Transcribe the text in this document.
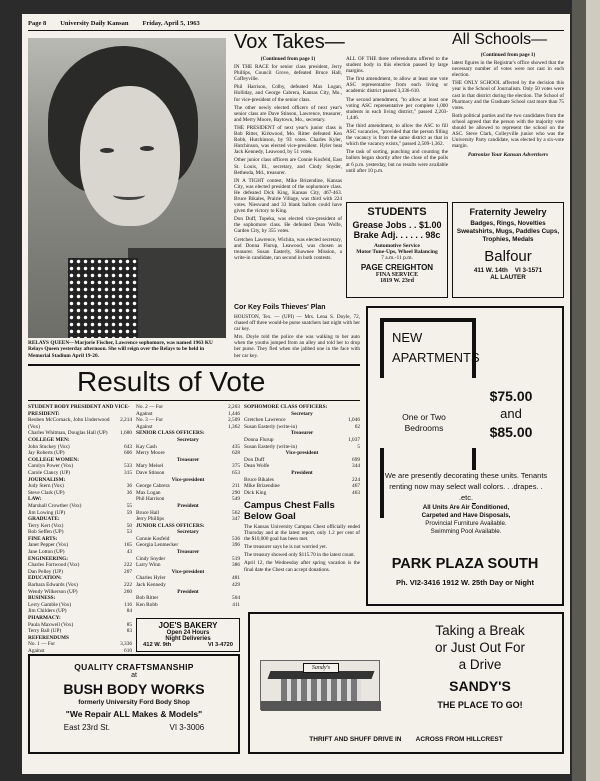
Page 8 University Daily Kansan Friday, April 5, 1963
RELAYS QUEEN—Marjorie Fischer, Lawrence sophomore, was named 1963 KU Relays Queen yesterday afternoon. She will reign over the Relays to be held in Memorial Stadium April 19-20.
Vox Takes—

(Continued from page 1)

IN THE RACE for senior class president, Jerry Phillips, Council Grove, defeated Bruce Hall, Coffeyville.

Phil Harrison, Colby, defeated Max Logan, Holliday, and George Cabrera, Kansas City, Mo., for vice-president of the senior class.

The other newly elected officers of next year's senior class are Dave Stinson, Lawrence, treasurer, and Merry Moore, Baytown, Mo., secretary.

THE PRESIDENT of next year's junior class is Bob Ritter, Kirkwood, Mo. Ritter defeated Ken Robb, Hutchinson, by 93 votes. Charles Kyler, Hutchinson, was elected vice-president. Hyler beat Jack Kennedy, Leawood, by 51 votes.

Other junior class officers are Connie Kosfeld, East St. Louis, Ill., secretary, and Cindy Snyder, Bethesda, Md., treasurer.

IN A TIGHT contest, Mike Brizendine, Kansas City, was elected president of the sophomore class. He defeated Dick King, Kansas City, 467-463. Bruce Bikales, Prairie Village, was third with 224 votes. Nieswand and 33 blank ballots could have given the victory to King.

Don Duff, Topeka, was elected vice-president of the sophomore class. He defeated Dean Wolfe, Garden City, by 355 votes.

Gretchen Lawrence, Wichita, was elected secretary, and Donna Flurup, Leawood, was chosen as treasurer. Susan Easterly, Shawnee Mission, a write-in candidate, ran second in both contests.

ALL OF THE three referendums offered to the student body in this election passed by large margins.

The first amendment, to allow at least one vote ASC representative from each living or academic district passed 3,336-610.

The second amendment, "to allow at least one voting ASC representative per complete 1,000 students in each living district," passed 2,203-1,446.

The third amendment, to allow the ASC to fill ASC vacancies, "provided that the person filling the vacancy is from the same district as that in which the vacancy exists," passed 2,509-1,362.

The task of sorting, punching and counting the ballots began shortly after the close of the polls at 6 p.m. yesterday, but no results were available until after 10 p.m.

All Schools—

(Continued from page 1)

latest figures in the Registrar's office showed that the necessary number of votes were not cast in each election.

THE ONLY SCHOOL affected by the decision this year is the School of Journalism. Only 50 votes were cast in that district during the election. The School of Pharmacy and the Graduate School cast more than 75 votes.

Both political parties and the two candidates from the school agreed that the person with the majority vote should be allowed to represent the school on the ASC. Steve Clark, Colleyville junior who was the University Party candidate, was elected by a six-vote margin.

Patronize Your Kansan Advertisers

STUDENTS
Grease Jobs . . $1.00
Brake Adj. . . . . . 98c
Automotive Service
Motor Tune-Ups, Wheel Balancing
7 a.m.-11 p.m.
PAGE CREIGHTON
FINA SERVICE
1819 W. 23rd
Fraternity Jewelry
Badges, Rings, Novelties Sweatshirts, Mugs, Paddles Cups, Trophies, Medals
Balfour
411 W. 14th    VI 3-1571
AL LAUTER

Cor Key Foils Thieves' Plan

HOUSTON, Tex. — (UPI) — Mrs. Lena S. Doyle, 72, chased off three would-be purse snatchers last night with her car key.

Mrs. Doyle told the police she was walking to her auto when the youths jumped from an alley and told her to drop her purse. They fled when she jabbed one in the face with her car key.

Results of Vote
STUDENT BODY PRESIDENT AND VICE-PRESIDENT:
Reuben McCornack, John Underwood (Vox)
2,214
Charles Whitman, Douglas Hall (UP) 1,680
COLLEGE MEN:
John Stuckey (Vox)	643
Jay Roberts (UP)	606
COLLEGE WOMEN:
Carolyn Power (Vox)	533
Carole Clancy (UP)	315
JOURNALISM:
Judy Stern (Vox)	36
Steve Clark (UP)	36
LAW:
Marshall Crowther (Vox)	55
Jim Lowing (UP)	59
GRADUATE:
Terry Kert (Vox)	50
Bob Seffen (UP)	53
FINE ARTS:
Janet Pepper (Vox)	165
Jane Lotton (UP)	43
ENGINEERING:
Charles Fortwood (Vox)	222
Dan Pelley (UP)	207
EDUCATION:
Barbara Edwards (Vox)	222
Wendy Wilkerson (UP)	260
BUSINESS:
Lerry Gamble (Vox)	116
Jim Childers (UP)	84
PHARMACY:
Paula Maxwell (Vox)	85
Terry Ball (UP)	83
REFERENDUMS
No. 1 — For	3,336
Against	610
No. 2 — For	2,203
Against	1,446
No. 3 — For	2,509
Against	1,362
SENIOR CLASS OFFICERS:
Secretary
Kay Cash	435
Merry Moore	628
Treasurer
Mary Meisel	375
Dave Stinson	653
Vice-president
George Cabrera	211
Max Logan	290
Phil Harrison	549
President
Bruce Hall	562
Jerry Phillips	347
JUNIOR CLASS OFFICERS:
Secretary
Connie Kosfeld	536
Georgia Lenmecker	396
Treasurer
Cindy Snyder	519
Larry Winn	386
Vice-president
Charles Hyler	481
Jack Kennedy	429
President
Bob Ritter	504
Ken Robb	411
SOPHOMORE CLASS OFFICERS:
Secretary
Gretchen Lawrence	1,046
Susan Easterly (write-in)	62
Treasurer
Donna Flurup	1,037
Susan Easterly (write-in)	5
Vice-president
Don Duff	699
Dean Wolfe	344
President
Bruce Bikales	224
Mike Brizendine	467
Dick King	463

Campus Chest Falls Below Goal

The Kansas University Campus Chest officially ended Thursday and at the latest report, only 1.2 per cent of the $10,000 goal has been met.

The treasurer says he is not worried yet.

The treasury showed only $115.70 in the latest count.

April 12, the Wednesday after spring vacation is the final date the Chest can accept donations.

NEW
APARTMENTS
$75.00
and
$85.00
One or Two Bedrooms
We are presently decorating these units. Tenants renting now may select wall colors. . .drapes. . .etc.
All Units Are Air Conditioned,
Carpeted and Have Disposals,
Provincial Furniture Available.
Swimming Pool Available.
PARK PLAZA SOUTH
Ph. VI2-3416 1912 W. 25th Day or Night
JOE'S BAKERY
Open 24 Hours
Night Deliveries
412 W. 9th	VI 3-4720
QUALITY CRAFTSMANSHIP
at
BUSH BODY WORKS
formerly University Ford Body Shop
"We Repair ALL Makes & Models"
East 23rd St.	VI 3-3006
Taking a Break
or Just Out For
a Drive
SANDY'S
THE PLACE TO GO!
Sandy's
THRIFT AND SHUFF DRIVE IN        ACROSS FROM HILLCREST
